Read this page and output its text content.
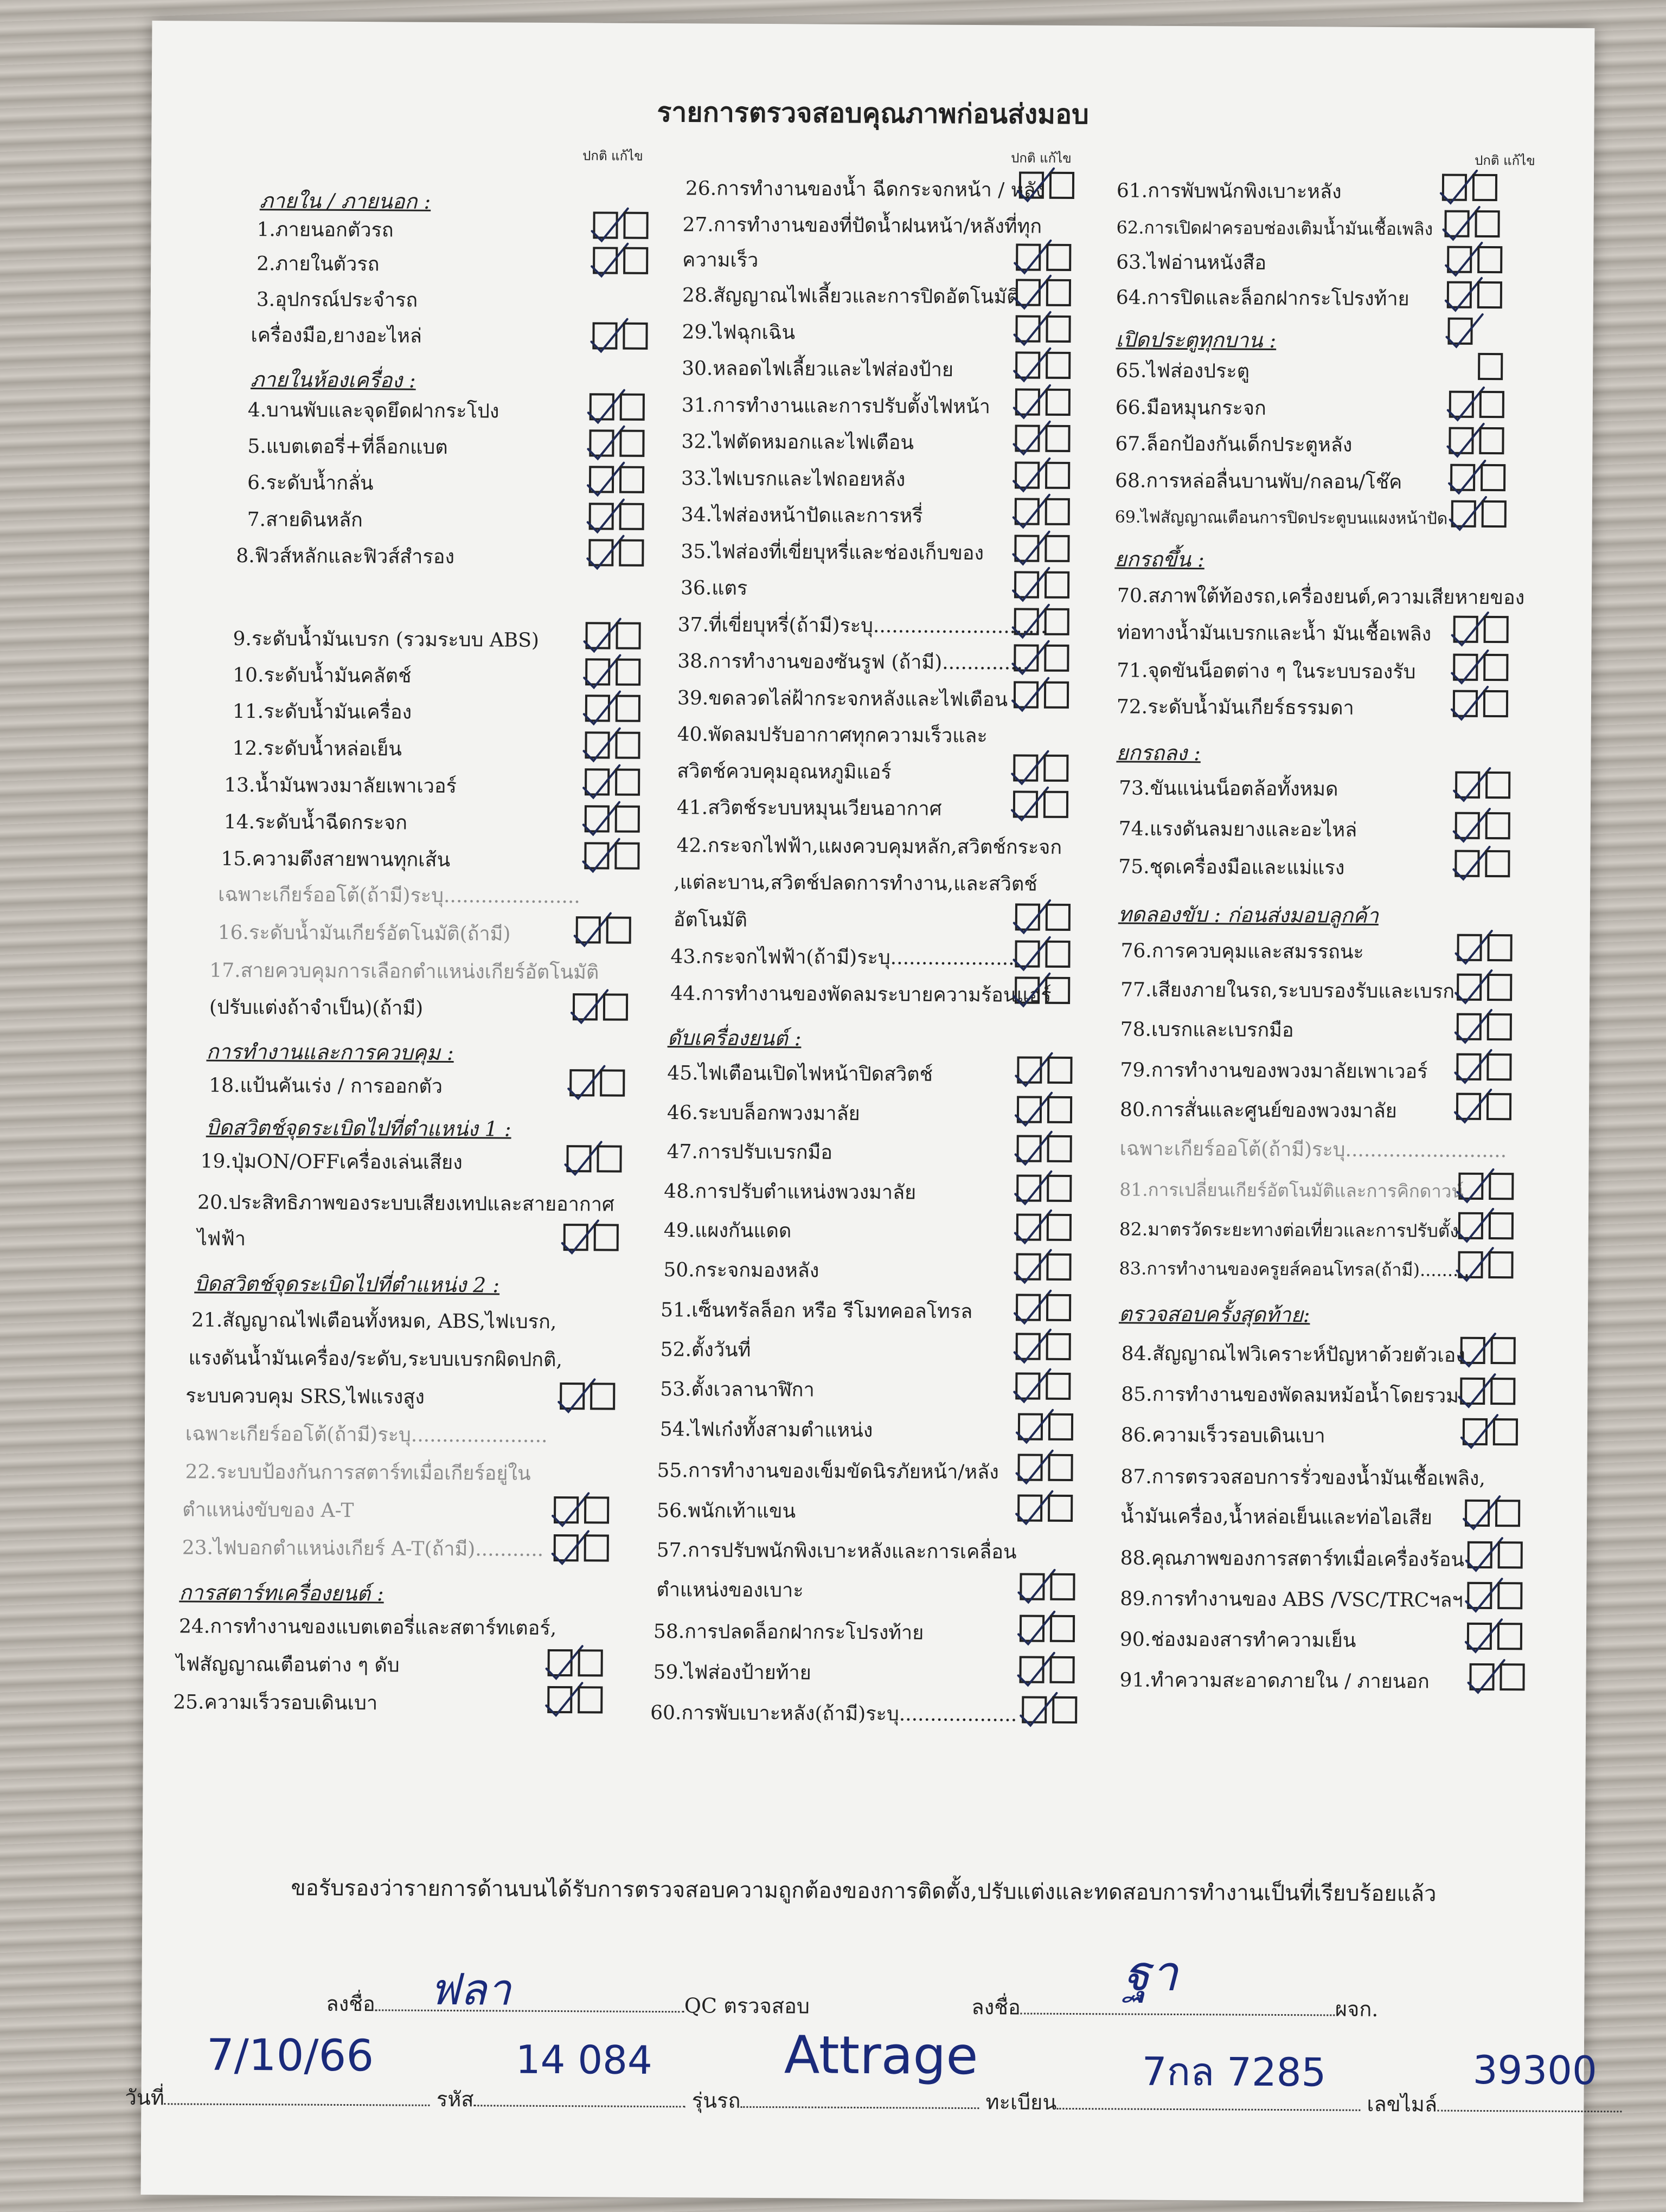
รายการตรวจสอบคุณภาพก่อนส่งมอบ
ปกติ แก้ไข	ปกติ แก้ไข	ปกติ แก้ไข
ภายใน / ภายนอก :
1.ภายนอกตัวรถ
2.ภายในตัวรถ
3.อุปกรณ์ประจำรถ
เครื่องมือ,ยางอะไหล่
ภายในห้องเครื่อง :
4.บานพับและจุดยึดฝากระโปง
5.แบตเตอรี่+ที่ล็อกแบต
6.ระดับน้ำกลั่น
7.สายดินหลัก
8.ฟิวส์หลักและฟิวส์สำรอง
9.ระดับน้ำมันเบรก (รวมระบบ ABS)
10.ระดับน้ำมันคลัตช์
11.ระดับน้ำมันเครื่อง
12.ระดับน้ำหล่อเย็น
13.น้ำมันพวงมาลัยเพาเวอร์
14.ระดับน้ำฉีดกระจก
15.ความตึงสายพานทุกเส้น
เฉพาะเกียร์ออโต้(ถ้ามี)ระบุ......................
16.ระดับน้ำมันเกียร์อัตโนมัติ(ถ้ามี)
17.สายควบคุมการเลือกตำแหน่งเกียร์อัตโนมัติ
(ปรับแต่งถ้าจำเป็น)(ถ้ามี)
การทำงานและการควบคุม :
18.แป้นคันเร่ง / การออกตัว
บิดสวิตช์จุดระเบิดไปที่ตำแหน่ง 1 :
19.ปุ่มON/OFFเครื่องเล่นเสียง
20.ประสิทธิภาพของระบบเสียงเทปและสายอากาศ
ไฟฟ้า
บิดสวิตช์จุดระเบิดไปที่ตำแหน่ง 2 :
21.สัญญาณไฟเตือนทั้งหมด, ABS,ไฟเบรก,
แรงดันน้ำมันเครื่อง/ระดับ,ระบบเบรกผิดปกติ,
ระบบควบคุม SRS,ไฟแรงสูง
เฉพาะเกียร์ออโต้(ถ้ามี)ระบุ......................
22.ระบบป้องกันการสตาร์ทเมื่อเกียร์อยู่ใน
ตำแหน่งขับของ A-T
23.ไฟบอกตำแหน่งเกียร์ A-T(ถ้ามี)...........
การสตาร์ทเครื่องยนต์ :
24.การทำงานของแบตเตอรี่และสตาร์ทเตอร์,
ไฟสัญญาณเตือนต่าง ๆ ดับ
25.ความเร็วรอบเดินเบา
26.การทำงานของน้ำ ฉีดกระจกหน้า / หลัง
27.การทำงานของที่ปัดน้ำฝนหน้า/หลังที่ทุก
ความเร็ว
28.สัญญาณไฟเลี้ยวและการปิดอัตโนมัติ
29.ไฟฉุกเฉิน
30.หลอดไฟเลี้ยวและไฟส่องป้าย
31.การทำงานและการปรับตั้งไฟหน้า
32.ไฟตัดหมอกและไฟเตือน
33.ไฟเบรกและไฟถอยหลัง
34.ไฟส่องหน้าปัดและการหรี่
35.ไฟส่องที่เขี่ยบุหรี่และช่องเก็บของ
36.แตร
37.ที่เขี่ยบุหรี่(ถ้ามี)ระบุ............................
38.การทำงานของซันรูฟ (ถ้ามี)..............
39.ขดลวดไล่ฝ้ากระจกหลังและไฟเตือน
40.พัดลมปรับอากาศทุกความเร็วและ
สวิตช์ควบคุมอุณหภูมิแอร์
41.สวิตช์ระบบหมุนเวียนอากาศ
42.กระจกไฟฟ้า,แผงควบคุมหลัก,สวิตช์กระจก
,แต่ละบาน,สวิตช์ปลดการทำงาน,และสวิตช์
อัตโนมัติ
43.กระจกไฟฟ้า(ถ้ามี)ระบุ....................
44.การทำงานของพัดลมระบายความร้อนแอร์
ดับเครื่องยนต์ :
45.ไฟเตือนเปิดไฟหน้าปิดสวิตช์
46.ระบบล็อกพวงมาลัย
47.การปรับเบรกมือ
48.การปรับตำแหน่งพวงมาลัย
49.แผงกันแดด
50.กระจกมองหลัง
51.เซ็นทรัลล็อก หรือ รีโมทคอลโทรล
52.ตั้งวันที่
53.ตั้งเวลานาฬิกา
54.ไฟเก๋งทั้งสามตำแหน่ง
55.การทำงานของเข็มขัดนิรภัยหน้า/หลัง
56.พนักเท้าแขน
57.การปรับพนักพิงเบาะหลังและการเคลื่อน
ตำแหน่งของเบาะ
58.การปลดล็อกฝากระโปรงท้าย
59.ไฟส่องป้ายท้าย
60.การพับเบาะหลัง(ถ้ามี)ระบุ...................
61.การพับพนักพิงเบาะหลัง
62.การเปิดฝาครอบช่องเติมน้ำมันเชื้อเพลิง
63.ไฟอ่านหนังสือ
64.การปิดและล็อกฝากระโปรงท้าย
เปิดประตูทุกบาน :
65.ไฟส่องประตู
66.มือหมุนกระจก
67.ล็อกป้องกันเด็กประตูหลัง
68.การหล่อลื่นบานพับ/กลอน/โช๊ค
69.ไฟสัญญาณเตือนการปิดประตูบนแผงหน้าปัด
ยกรถขึ้น :
70.สภาพใต้ท้องรถ,เครื่องยนต์,ความเสียหายของ
ท่อทางน้ำมันเบรกและน้ำ มันเชื้อเพลิง
71.จุดขันน็อตต่าง ๆ ในระบบรองรับ
72.ระดับน้ำมันเกียร์ธรรมดา
ยกรถลง :
73.ขันแน่นน็อตล้อทั้งหมด
74.แรงดันลมยางและอะไหล่
75.ชุดเครื่องมือและแม่แรง
ทดลองขับ : ก่อนส่งมอบลูกค้า
76.การควบคุมและสมรรถนะ
77.เสียงภายในรถ,ระบบรองรับและเบรก
78.เบรกและเบรกมือ
79.การทำงานของพวงมาลัยเพาเวอร์
80.การสั่นและศูนย์ของพวงมาลัย
เฉพาะเกียร์ออโต้(ถ้ามี)ระบุ..........................
81.การเปลี่ยนเกียร์อัตโนมัติและการคิกดาวน์
82.มาตรวัดระยะทางต่อเที่ยวและการปรับตั้ง
83.การทำงานของครูยส์คอนโทรล(ถ้ามี).........
ตรวจสอบครั้งสุดท้าย:
84.สัญญาณไฟวิเคราะห์ปัญหาด้วยตัวเอง
85.การทำงานของพัดลมหม้อน้ำโดยรวม
86.ความเร็วรอบเดินเบา
87.การตรวจสอบการรั่วของน้ำมันเชื้อเพลิง,
น้ำมันเครื่อง,น้ำหล่อเย็นและท่อไอเสีย
88.คุณภาพของการสตาร์ทเมื่อเครื่องร้อน
89.การทำงานของ ABS /VSC/TRCฯลฯ
90.ช่องมองสารทำความเย็น
91.ทำความสะอาดภายใน / ภายนอก
ขอรับรองว่ารายการด้านบนได้รับการตรวจสอบความถูกต้องของการติดตั้ง,ปรับแต่งและทดสอบการทำงานเป็นที่เรียบร้อยแล้ว
ลงชื่อ	QC ตรวจสอบ
ฟลา	ลงชื่อ	ผจก.
ฐา
วันที่	รหัส	รุ่นรถ	ทะเบียน	เลขไมล์
7/10/66	14 084	Attrage	7กล 7285	39300
